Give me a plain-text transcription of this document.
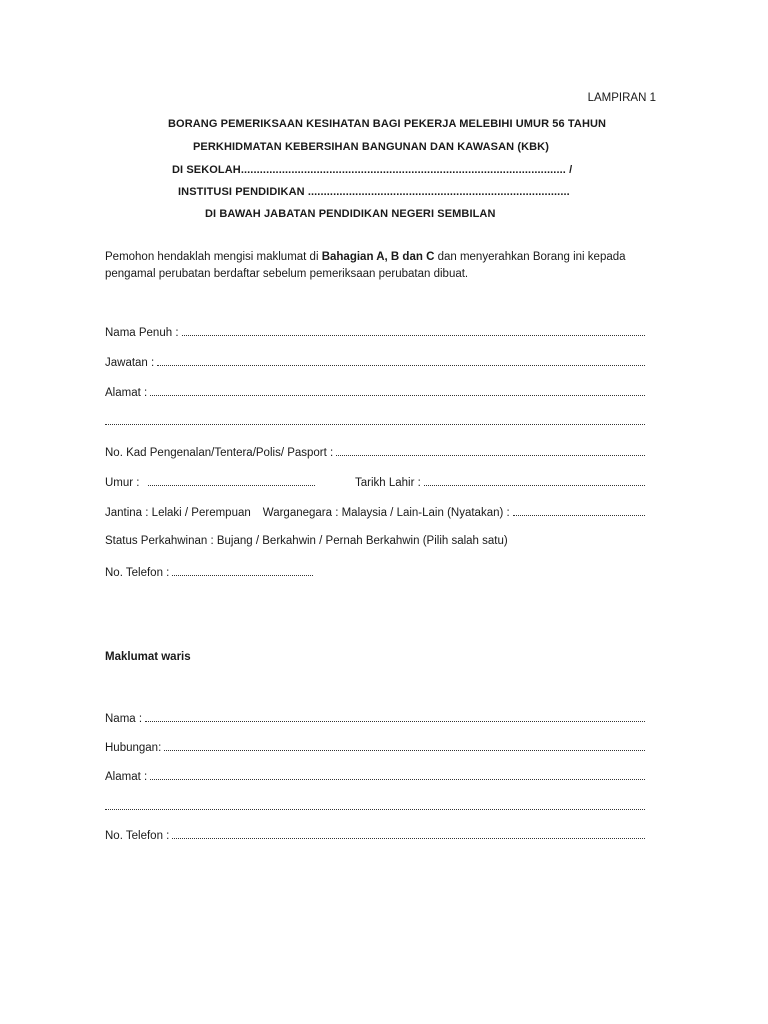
LAMPIRAN 1
BORANG PEMERIKSAAN KESIHATAN BAGI PEKERJA MELEBIHI UMUR 56 TAHUN
PERKHIDMATAN KEBERSIHAN BANGUNAN DAN KAWASAN (KBK)
DI SEKOLAH....................................................................................................... /
INSTITUSI PENDIDIKAN ...................................................................................
DI BAWAH JABATAN PENDIDIKAN NEGERI SEMBILAN
Pemohon hendaklah mengisi maklumat di Bahagian A, B dan C dan menyerahkan Borang ini kepada pengamal perubatan berdaftar sebelum pemeriksaan perubatan dibuat.
Nama Penuh :
Jawatan :
Alamat :
No. Kad Pengenalan/Tentera/Polis/ Pasport :
Umur :	Tarikh Lahir :
Jantina : Lelaki / Perempuan Warganegara : Malaysia / Lain-Lain (Nyatakan) :
Status Perkahwinan : Bujang / Berkahwin / Pernah Berkahwin (Pilih salah satu)
No. Telefon :
Maklumat waris
Nama :
Hubungan:
Alamat :
No. Telefon :
